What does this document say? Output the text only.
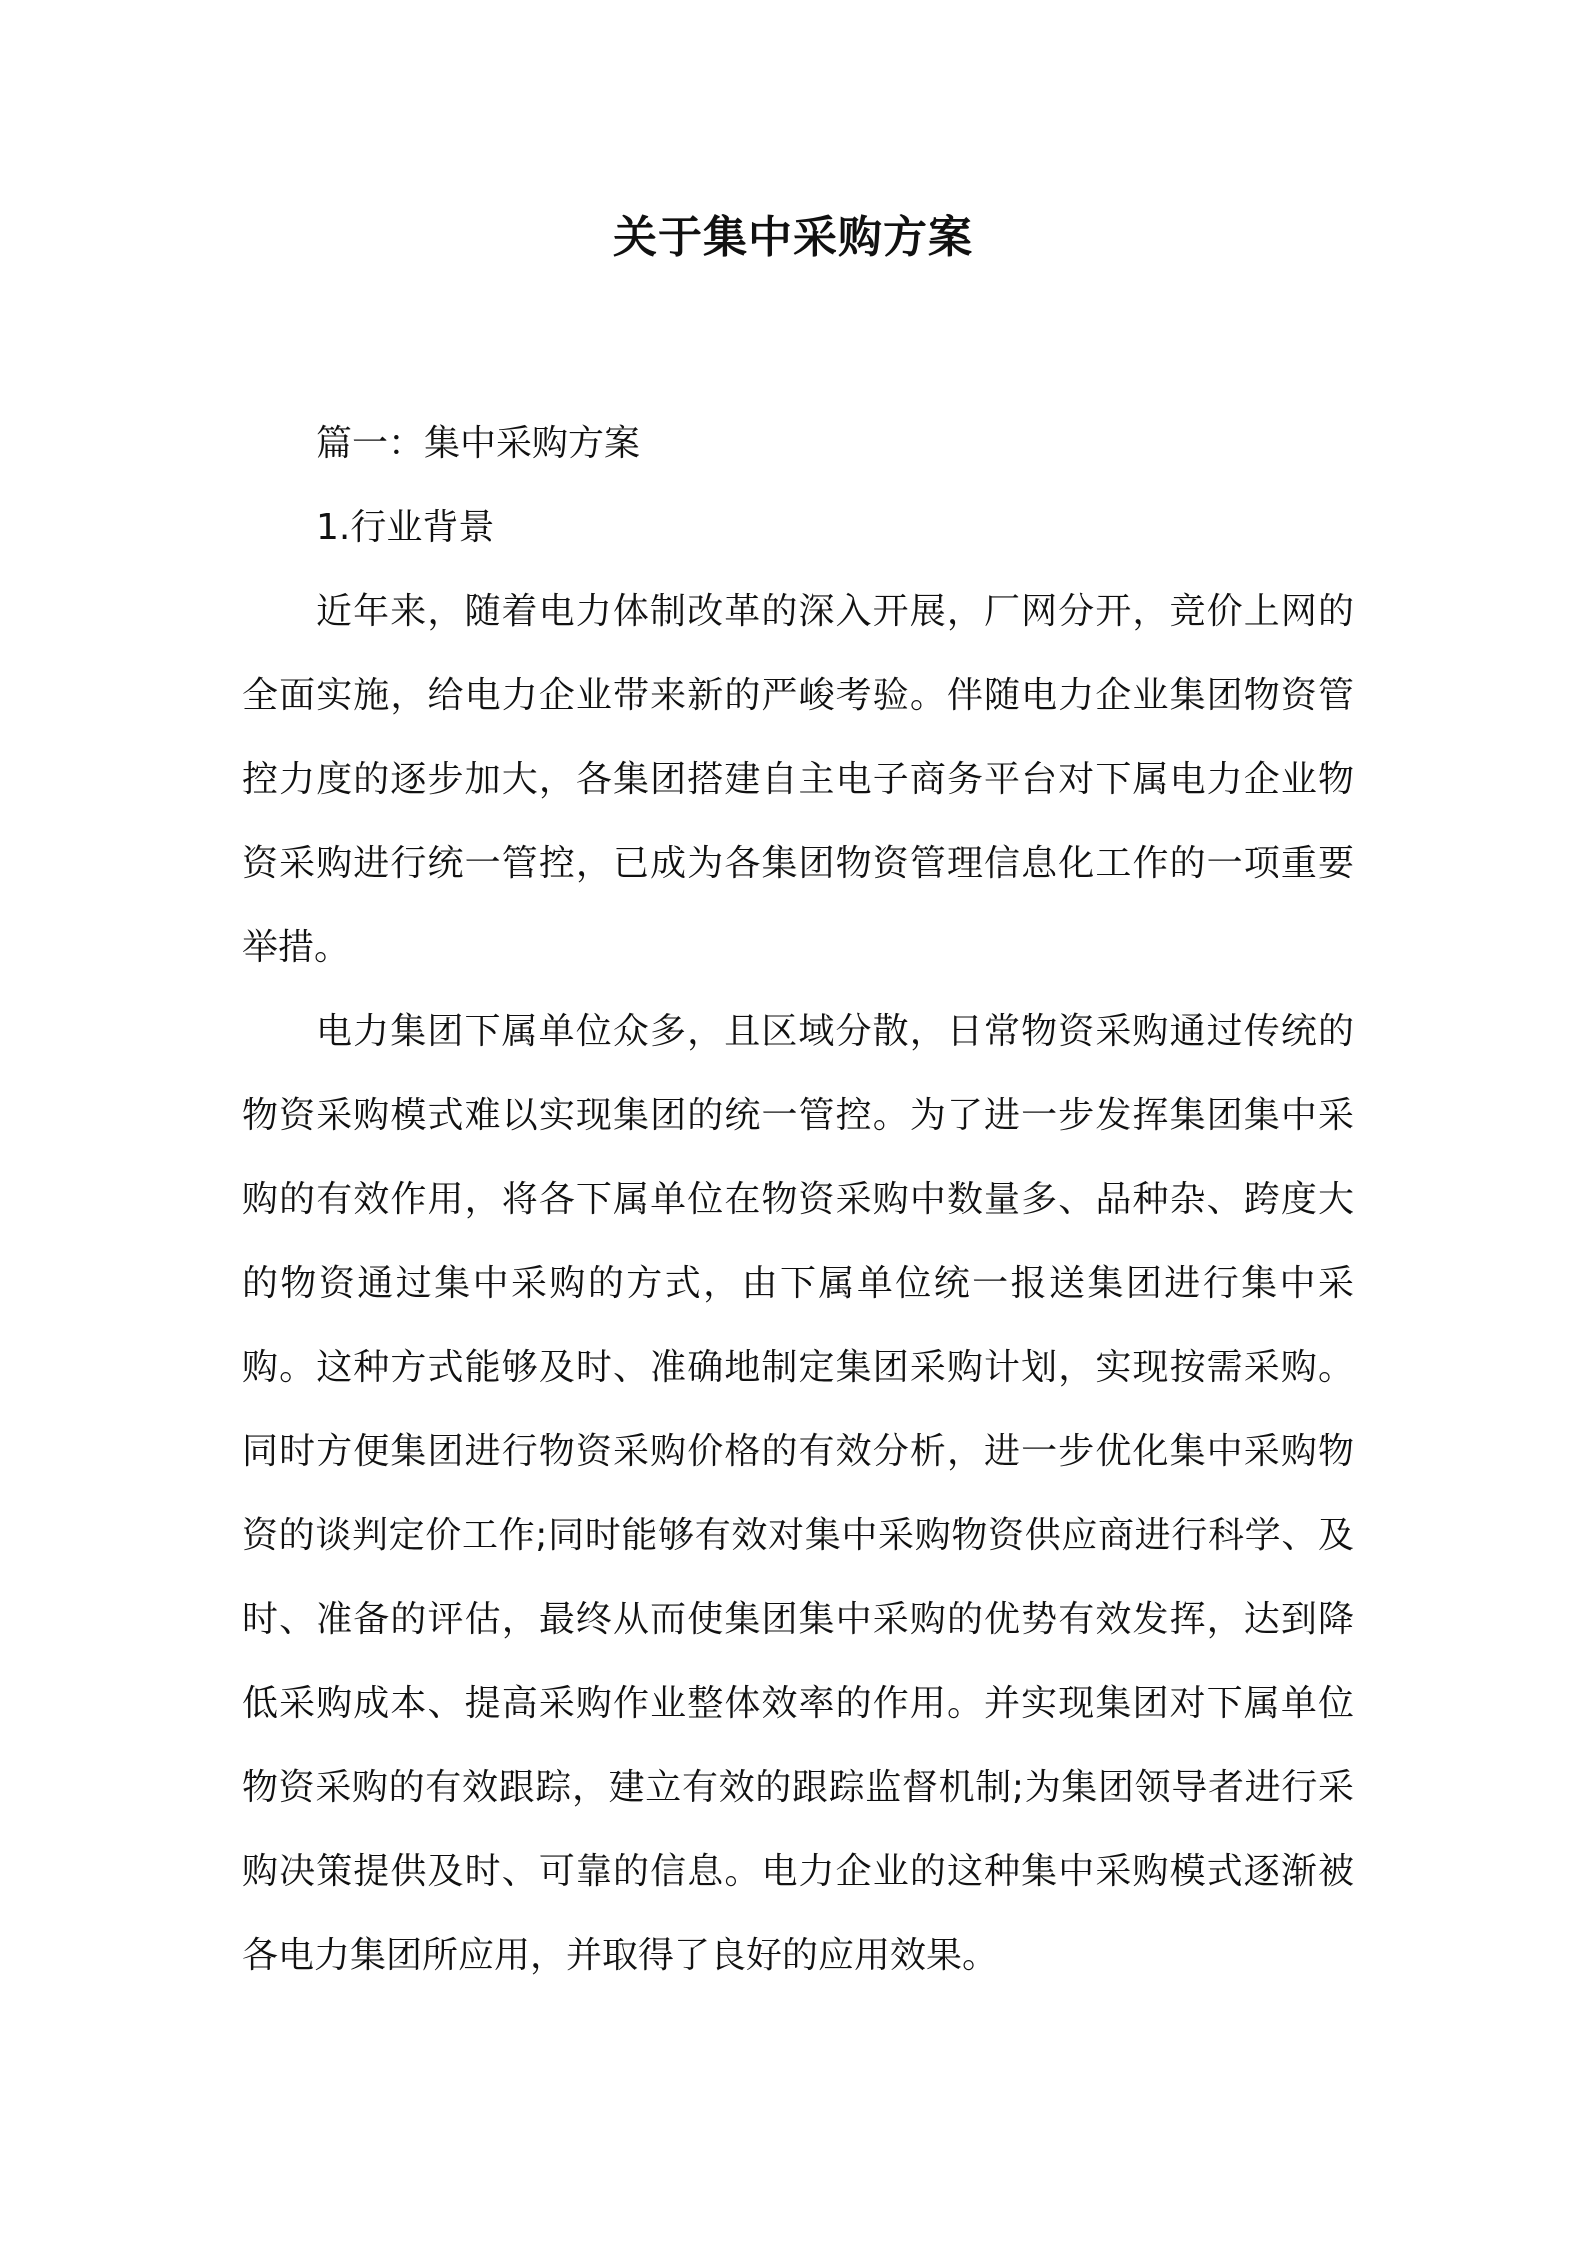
关于集中采购方案

篇一：集中采购方案

1.行业背景

近年来，随着电力体制改革的深入开展，厂网分开，竞价上网的全面实施，给电力企业带来新的严峻考验。伴随电力企业集团物资管控力度的逐步加大，各集团搭建自主电子商务平台对下属电力企业物资采购进行统一管控，已成为各集团物资管理信息化工作的一项重要举措。

电力集团下属单位众多，且区域分散，日常物资采购通过传统的物资采购模式难以实现集团的统一管控。为了进一步发挥集团集中采购的有效作用，将各下属单位在物资采购中数量多、品种杂、跨度大的物资通过集中采购的方式，由下属单位统一报送集团进行集中采购。这种方式能够及时、准确地制定集团采购计划，实现按需采购。同时方便集团进行物资采购价格的有效分析，进一步优化集中采购物资的谈判定价工作;同时能够有效对集中采购物资供应商进行科学、及时、准备的评估，最终从而使集团集中采购的优势有效发挥，达到降低采购成本、提高采购作业整体效率的作用。并实现集团对下属单位物资采购的有效跟踪，建立有效的跟踪监督机制;为集团领导者进行采购决策提供及时、可靠的信息。电力企业的这种集中采购模式逐渐被各电力集团所应用，并取得了良好的应用效果。
